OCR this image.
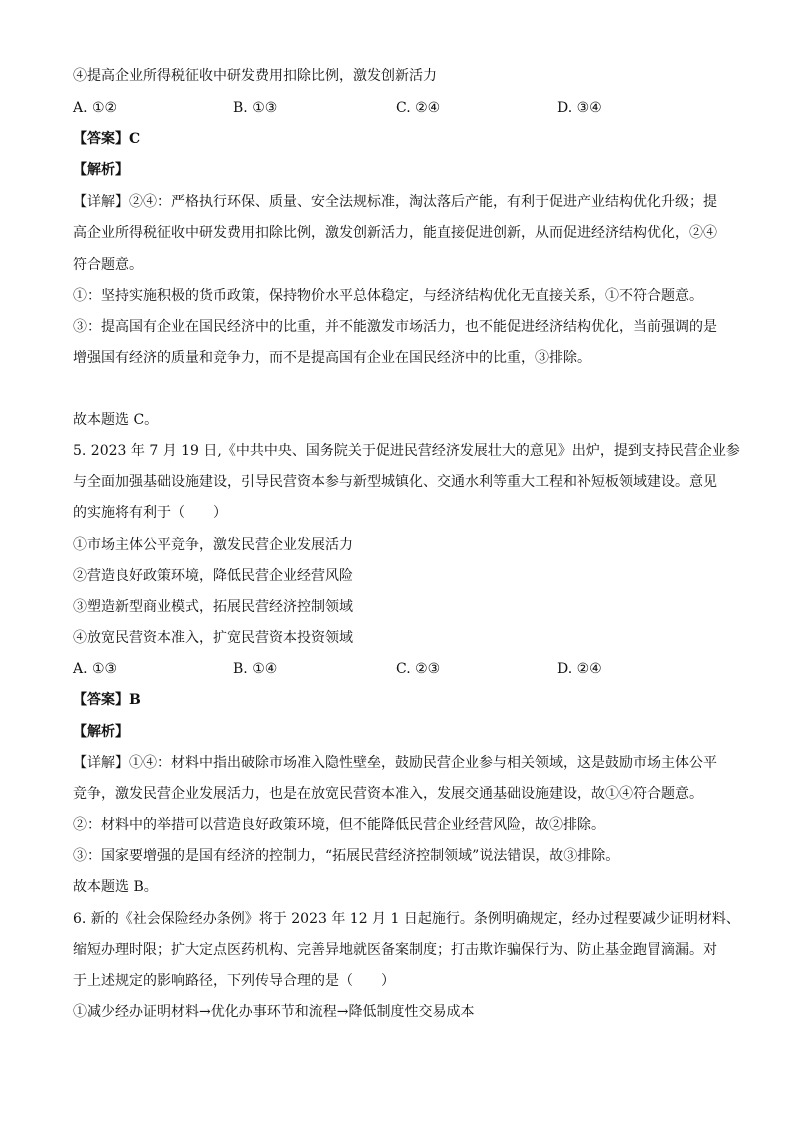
④提高企业所得税征收中研发费用扣除比例，激发创新活力
A. ①②	B. ①③	C. ②④	D. ③④
【答案】C
【解析】
【详解】②④：严格执行环保、质量、安全法规标准，淘汰落后产能，有利于促进产业结构优化升级；提
高企业所得税征收中研发费用扣除比例，激发创新活力，能直接促进创新，从而促进经济结构优化，②④
符合题意。
①：坚持实施积极的货币政策，保持物价水平总体稳定，与经济结构优化无直接关系，①不符合题意。
③：提高国有企业在国民经济中的比重，并不能激发市场活力，也不能促进经济结构优化，当前强调的是
增强国有经济的质量和竞争力，而不是提高国有企业在国民经济中的比重，③排除。
故本题选 C。
5. 2023 年 7 月 19 日,《中共中央、国务院关于促进民营经济发展壮大的意见》出炉，提到支持民营企业参
与全面加强基础设施建设，引导民营资本参与新型城镇化、交通水利等重大工程和补短板领域建设。意见
的实施将有利于（　　）
①市场主体公平竞争，激发民营企业发展活力
②营造良好政策环境，降低民营企业经营风险
③塑造新型商业模式，拓展民营经济控制领域
④放宽民营资本准入，扩宽民营资本投资领域
A. ①③	B. ①④	C. ②③	D. ②④
【答案】B
【解析】
【详解】①④：材料中指出破除市场准入隐性壁垒，鼓励民营企业参与相关领域，这是鼓励市场主体公平
竞争，激发民营企业发展活力，也是在放宽民营资本准入，发展交通基础设施建设，故①④符合题意。
②：材料中的举措可以营造良好政策环境，但不能降低民营企业经营风险，故②排除。
③：国家要增强的是国有经济的控制力，“拓展民营经济控制领域”说法错误，故③排除。
故本题选 B。
6. 新的《社会保险经办条例》将于 2023 年 12 月 1 日起施行。条例明确规定，经办过程要减少证明材料、
缩短办理时限；扩大定点医药机构、完善异地就医备案制度；打击欺诈骗保行为、防止基金跑冒滴漏。对
于上述规定的影响路径，下列传导合理的是（　　）
①减少经办证明材料→优化办事环节和流程→降低制度性交易成本
